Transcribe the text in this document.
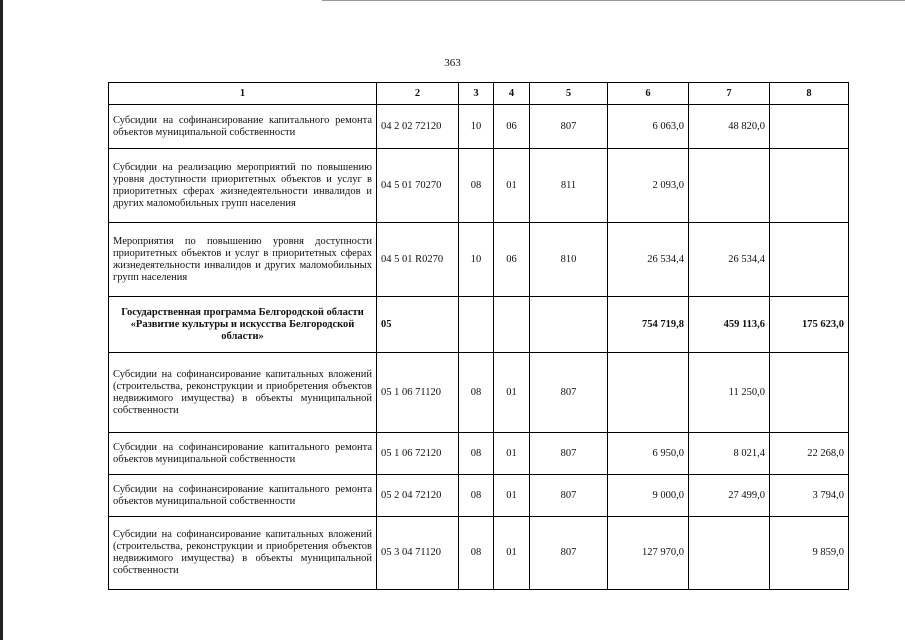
363
1	2	3	4	5	6	7	8
Субсидии на софинансирование капитального ремонта объектов муниципальной собственности	04 2 02 72120	10	06	807	6 063,0	48 820,0	
Субсидии на реализацию мероприятий по повышению уровня доступности приоритетных объектов и услуг в приоритетных сферах жизнедеятельности инвалидов и других маломобильных групп населения	04 5 01 70270	08	01	811	2 093,0		
Мероприятия по повышению уровня доступности приоритетных объектов и услуг в приоритетных сферах жизнедеятельности инвалидов и других маломобильных групп населения	04 5 01 R0270	10	06	810	26 534,4	26 534,4	
Государственная программа Белгородской области «Развитие культуры и искусства Белгородской области»	05				754 719,8	459 113,6	175 623,0
Субсидии на софинансирование капитальных вложений (строительства, реконструкции и приобретения объектов недвижимого имущества) в объекты муниципальной собственности	05 1 06 71120	08	01	807		11 250,0	
Субсидии на софинансирование капитального ремонта объектов муниципальной собственности	05 1 06 72120	08	01	807	6 950,0	8 021,4	22 268,0
Субсидии на софинансирование капитального ремонта объектов муниципальной собственности	05 2 04 72120	08	01	807	9 000,0	27 499,0	3 794,0
Субсидии на софинансирование капитальных вложений (строительства, реконструкции и приобретения объектов недвижимого имущества) в объекты муниципальной собственности	05 3 04 71120	08	01	807	127 970,0		9 859,0
